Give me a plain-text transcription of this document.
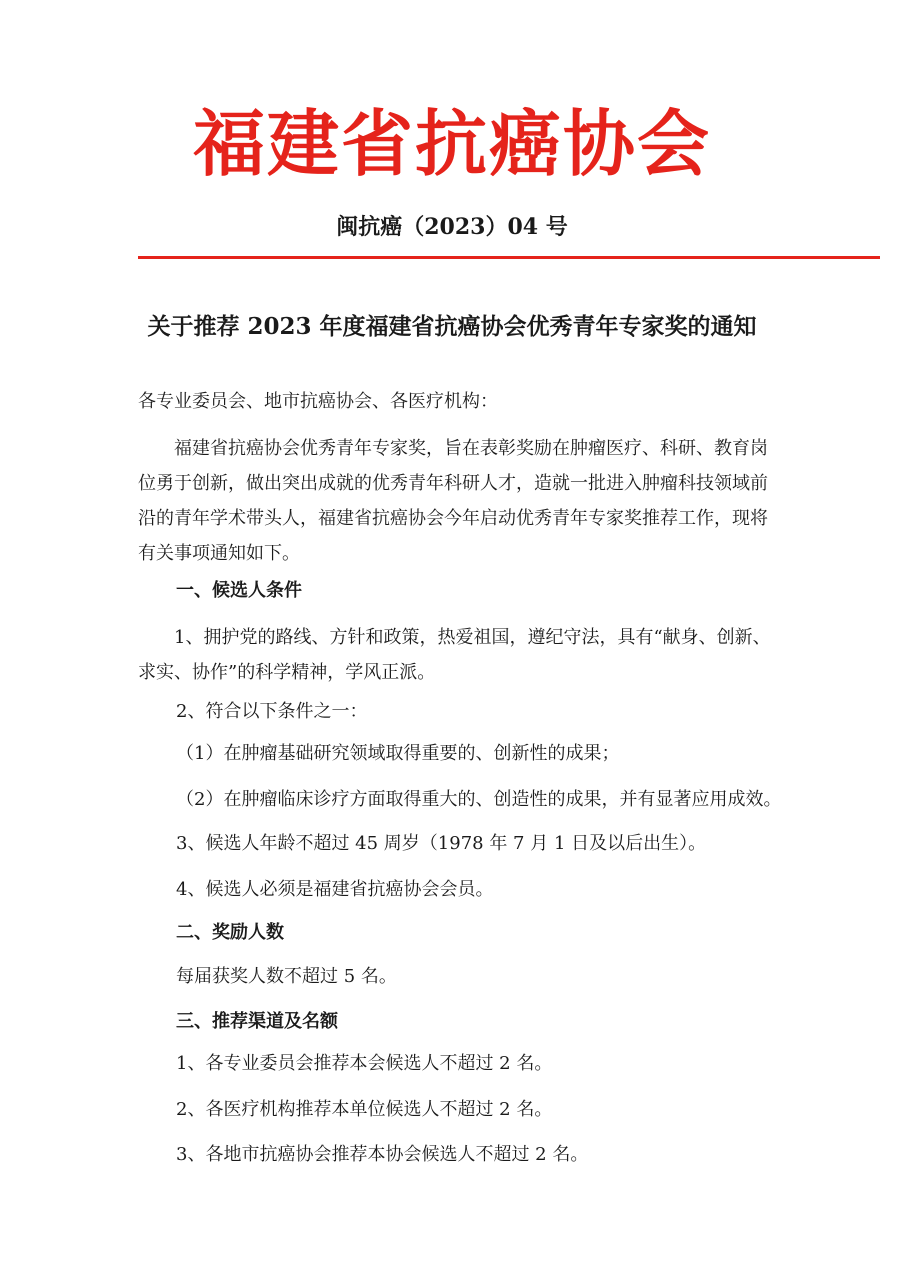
福建省抗癌协会
闽抗癌（2023）04 号
关于推荐 2023 年度福建省抗癌协会优秀青年专家奖的通知
各专业委员会、地市抗癌协会、各医疗机构：
福建省抗癌协会优秀青年专家奖，旨在表彰奖励在肿瘤医疗、科研、教育岗
位勇于创新，做出突出成就的优秀青年科研人才，造就一批进入肿瘤科技领域前
沿的青年学术带头人，福建省抗癌协会今年启动优秀青年专家奖推荐工作，现将
有关事项通知如下。
一、候选人条件
1、拥护党的路线、方针和政策，热爱祖国，遵纪守法，具有“献身、创新、
求实、协作”的科学精神，学风正派。
2、符合以下条件之一：
（1）在肿瘤基础研究领域取得重要的、创新性的成果；
（2）在肿瘤临床诊疗方面取得重大的、创造性的成果，并有显著应用成效。
3、候选人年龄不超过 45 周岁（1978 年 7 月 1 日及以后出生）。
4、候选人必须是福建省抗癌协会会员。
二、奖励人数
每届获奖人数不超过 5 名。
三、推荐渠道及名额
1、各专业委员会推荐本会候选人不超过 2 名。
2、各医疗机构推荐本单位候选人不超过 2 名。
3、各地市抗癌协会推荐本协会候选人不超过 2 名。
